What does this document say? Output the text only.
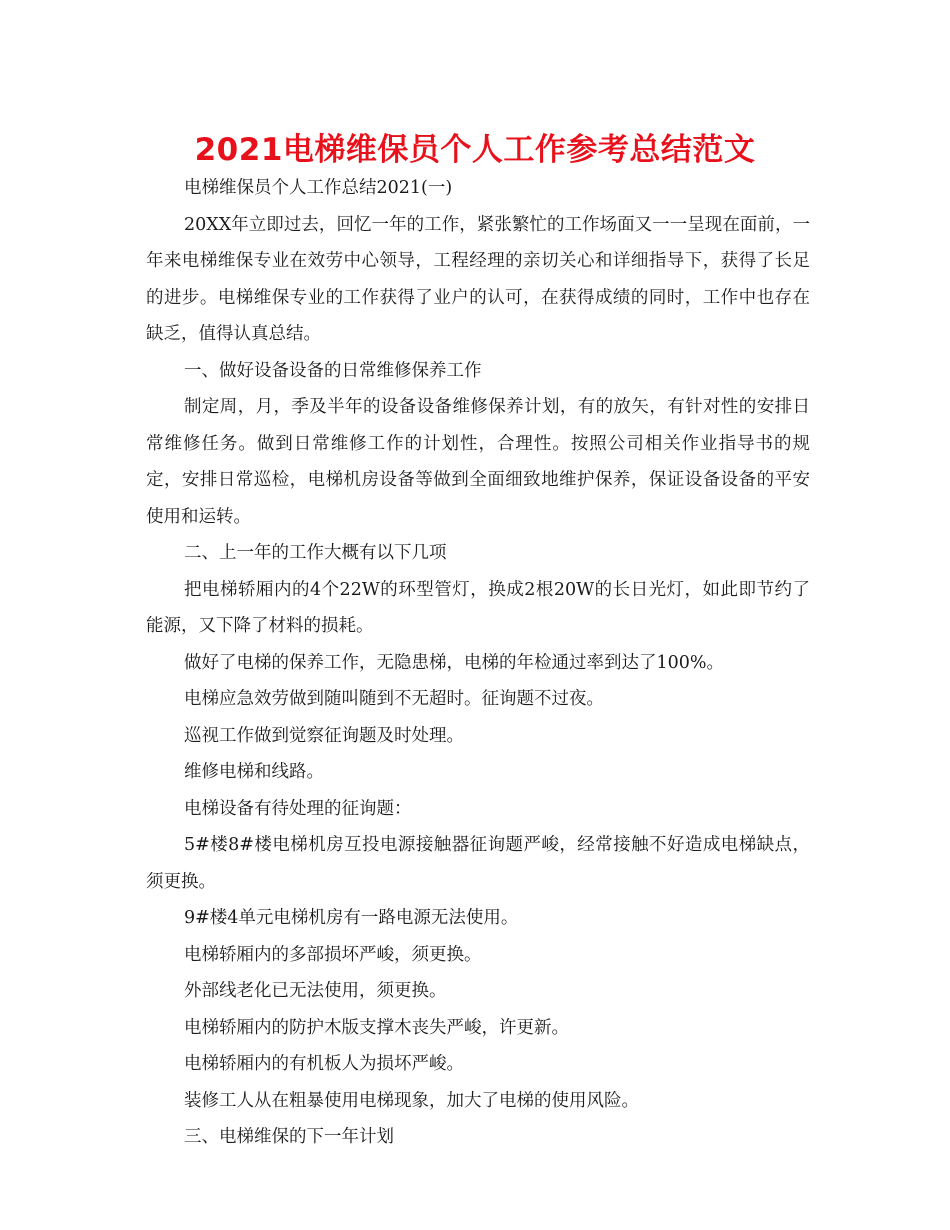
2021电梯维保员个人工作参考总结范文

电梯维保员个人工作总结2021(一)

20XX年立即过去，回忆一年的工作，紧张繁忙的工作场面又一一呈现在面前，一年来电梯维保专业在效劳中心领导，工程经理的亲切关心和详细指导下，获得了长足的进步。电梯维保专业的工作获得了业户的认可，在获得成绩的同时，工作中也存在缺乏，值得认真总结。

一、做好设备设备的日常维修保养工作

制定周，月，季及半年的设备设备维修保养计划，有的放矢，有针对性的安排日常维修任务。做到日常维修工作的计划性，合理性。按照公司相关作业指导书的规定，安排日常巡检，电梯机房设备等做到全面细致地维护保养，保证设备设备的平安使用和运转。

二、上一年的工作大概有以下几项

把电梯轿厢内的4个22W的环型管灯，换成2根20W的长日光灯，如此即节约了能源，又下降了材料的损耗。

做好了电梯的保养工作，无隐患梯，电梯的年检通过率到达了100%。

电梯应急效劳做到随叫随到不无超时。征询题不过夜。

巡视工作做到觉察征询题及时处理。

维修电梯和线路。

电梯设备有待处理的征询题：

5#楼8#楼电梯机房互投电源接触器征询题严峻，经常接触不好造成电梯缺点，须更换。

9#楼4单元电梯机房有一路电源无法使用。

电梯轿厢内的多部损坏严峻，须更换。

外部线老化已无法使用，须更换。

电梯轿厢内的防护木版支撑木丧失严峻，许更新。

电梯轿厢内的有机板人为损坏严峻。

装修工人从在粗暴使用电梯现象，加大了电梯的使用风险。

三、电梯维保的下一年计划
